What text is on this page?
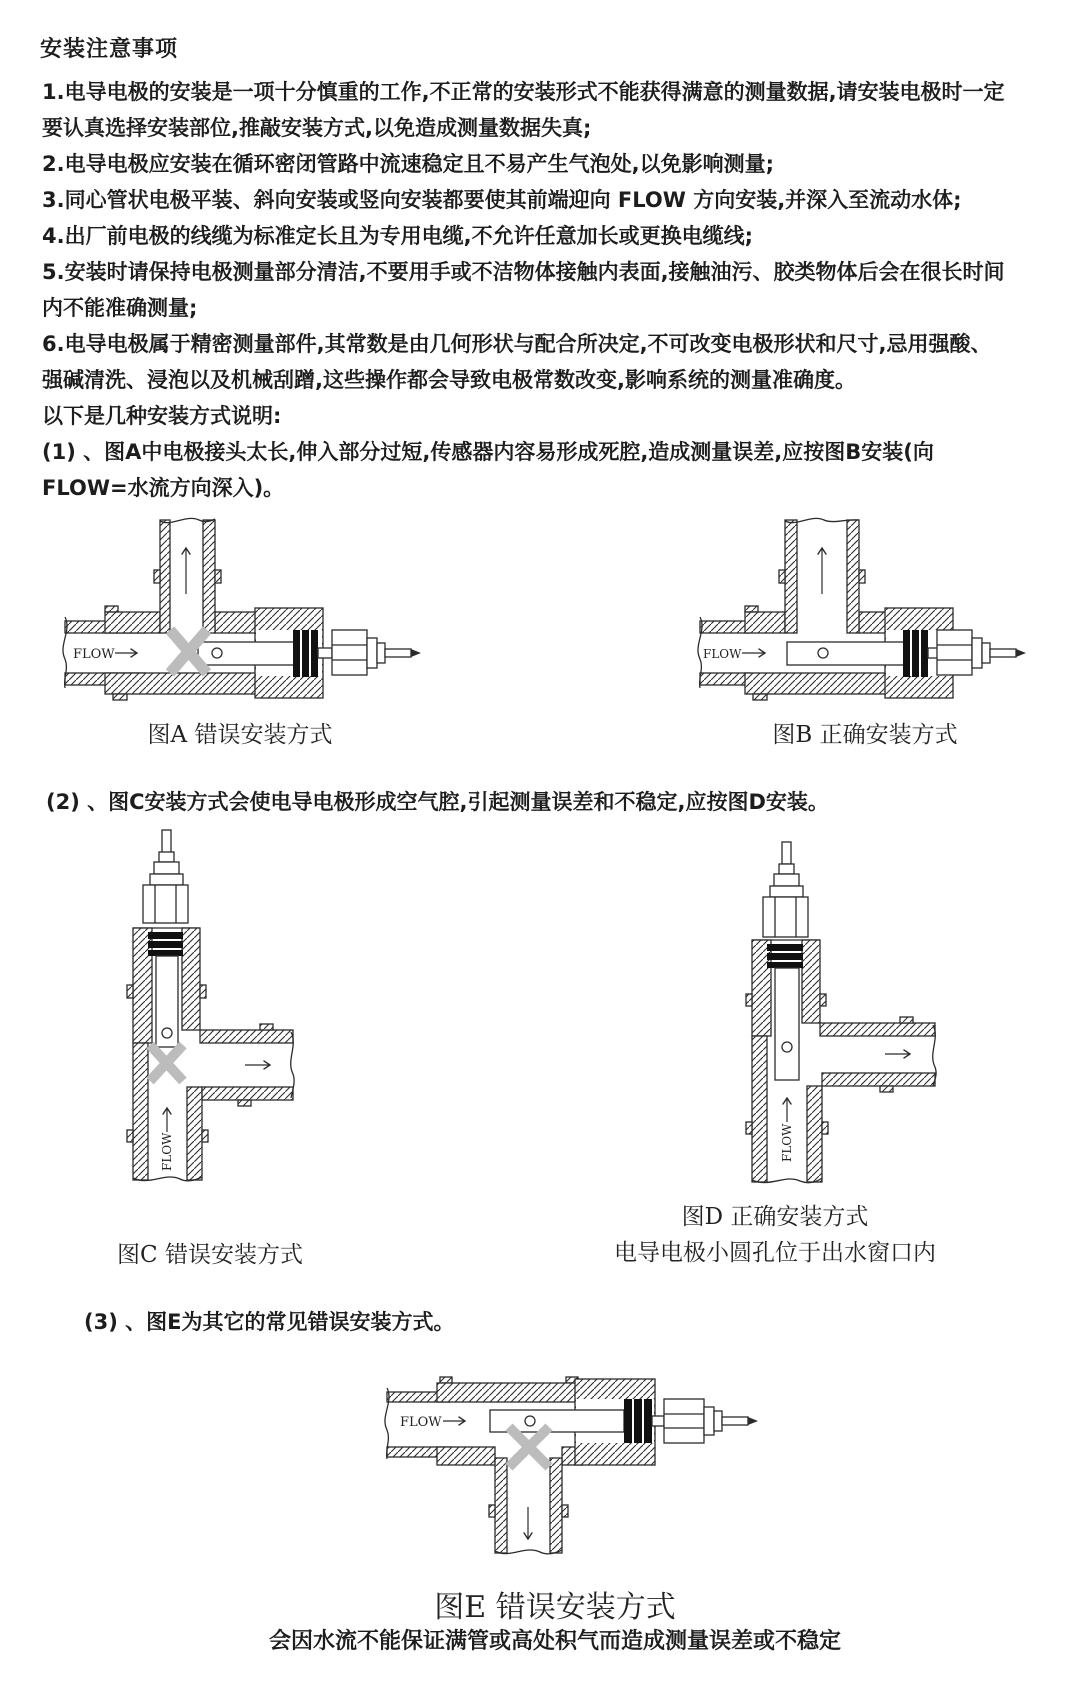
安装注意事项
1.电导电极的安装是一项十分慎重的工作,不正常的安装形式不能获得满意的测量数据,请安装电极时一定
要认真选择安装部位,推敲安装方式,以免造成测量数据失真;
2.电导电极应安装在循环密闭管路中流速稳定且不易产生气泡处,以免影响测量;
3.同心管状电极平装、斜向安装或竖向安装都要使其前端迎向 FLOW 方向安装,并深入至流动水体;
4.出厂前电极的线缆为标准定长且为专用电缆,不允许任意加长或更换电缆线;
5.安装时请保持电极测量部分清洁,不要用手或不洁物体接触内表面,接触油污、胶类物体后会在很长时间
内不能准确测量;
6.电导电极属于精密测量部件,其常数是由几何形状与配合所决定,不可改变电极形状和尺寸,忌用强酸、
强碱清洗、浸泡以及机械刮蹭,这些操作都会导致电极常数改变,影响系统的测量准确度。
以下是几种安装方式说明:
(1) 、图A中电极接头太长,伸入部分过短,传感器内容易形成死腔,造成测量误差,应按图B安装(向
FLOW=水流方向深入)。
FLOW	FLOW
FLOW	FLOW
FLOW
图A 错误安装方式	图B 正确安装方式
(2) 、图C安装方式会使电导电极形成空气腔,引起测量误差和不稳定,应按图D安装。
图C 错误安装方式
图D 正确安装方式
电导电极小圆孔位于出水窗口内
(3) 、图E为其它的常见错误安装方式。
图E 错误安装方式
会因水流不能保证满管或高处积气而造成测量误差或不稳定
